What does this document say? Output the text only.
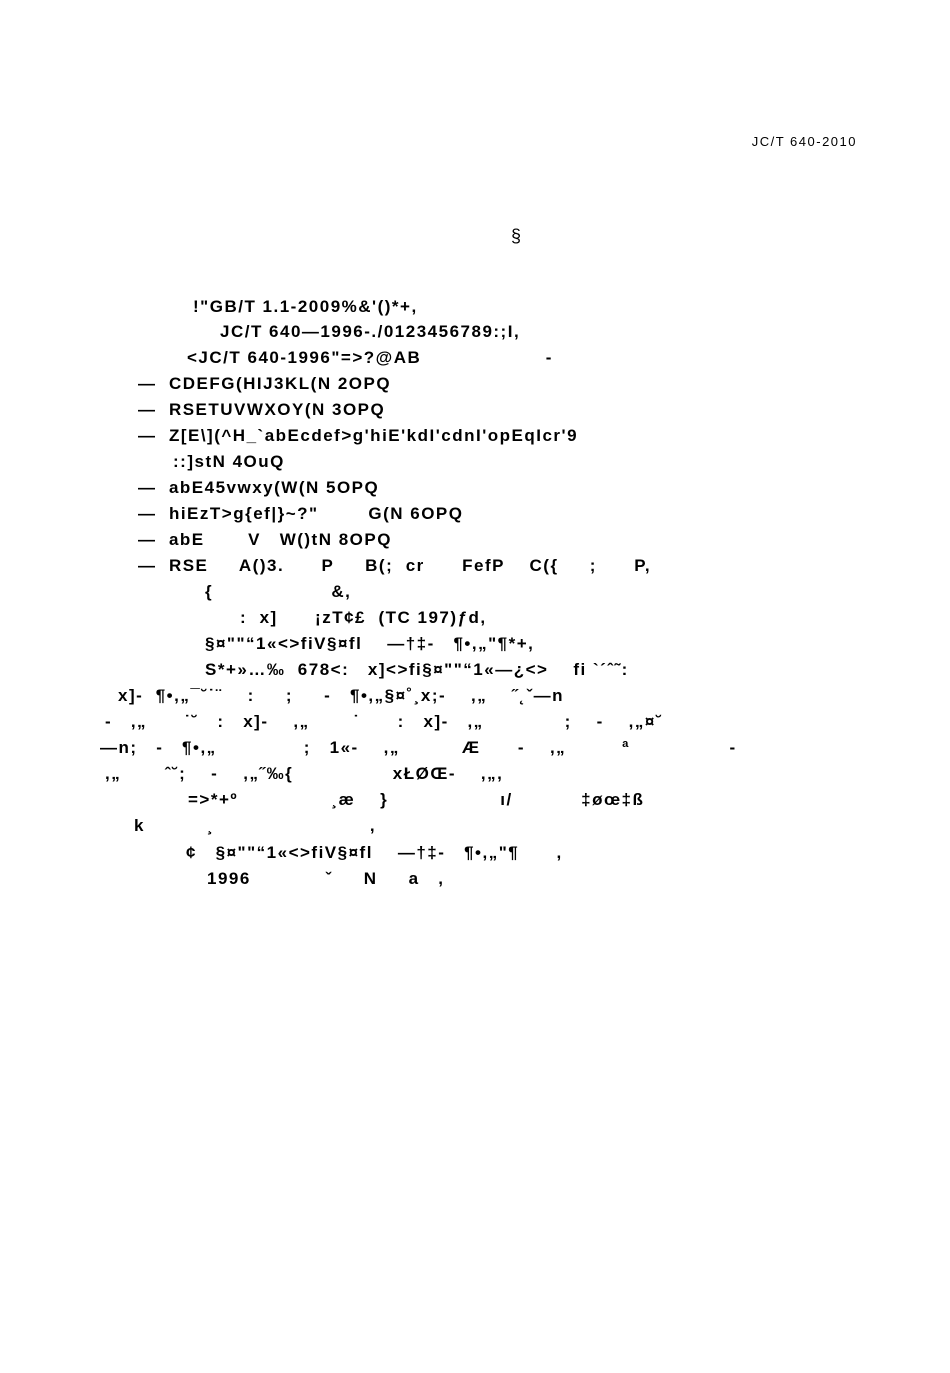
JC/T 640-2010
§
!"GB/T 1.1-2009%&'()*+,
JC/T 640—1996-./0123456789:;I,
<JC/T 640-1996"=>?@AB                    -
—  CDEFG(HIJ3KL(N 2OPQ
—  RSETUVWXOY(N 3OPQ
—  Z[E\](^H_`abEcdef>g'hiE'kdI'cdnI'opEqIcr'9
::]stN 4OuQ
—  abE45vwxy(W(N 5OPQ
—  hiEzT>g{ef|}~?"        G(N 6OPQ
—  abE       V   W()tN 8OPQ
—  RSE     A()3.      P     B(;  cr      FefP    C({     ;      P,
{                   &,
:  x]      ¡zT¢£  (TC 197)ƒd,
§¤""“1«<>fiV§¤fl    —†‡-   ¶•,„"¶*+,
S*+»…‰  678<:   x]<>fi§¤""“1«—¿<>    fi `´ˆ˜:
x]-  ¶•,„¯˘˙¨    :     ;     -   ¶•,„§¤˚¸x;-    ,„    ˝˛ˇ—n
-   ,„      ˙˘   :   x]-    ,„       ˙      :   x]-   ,„             ;    -    ,„¤˘
—n;   -   ¶•,„              ;   1«-    ,„          Æ      -    ,„         ª                -
,„       ˆ˘;    -    ,„˝‰{                xŁØŒ-    ,„,
=>*+º               ¸æ    }                  ı/           ‡øœ‡ß
k          ¸                         ,
¢   §¤""“1«<>fiV§¤fl    —†‡-   ¶•,„"¶      ,
1996            ˇ     N     a   ,
